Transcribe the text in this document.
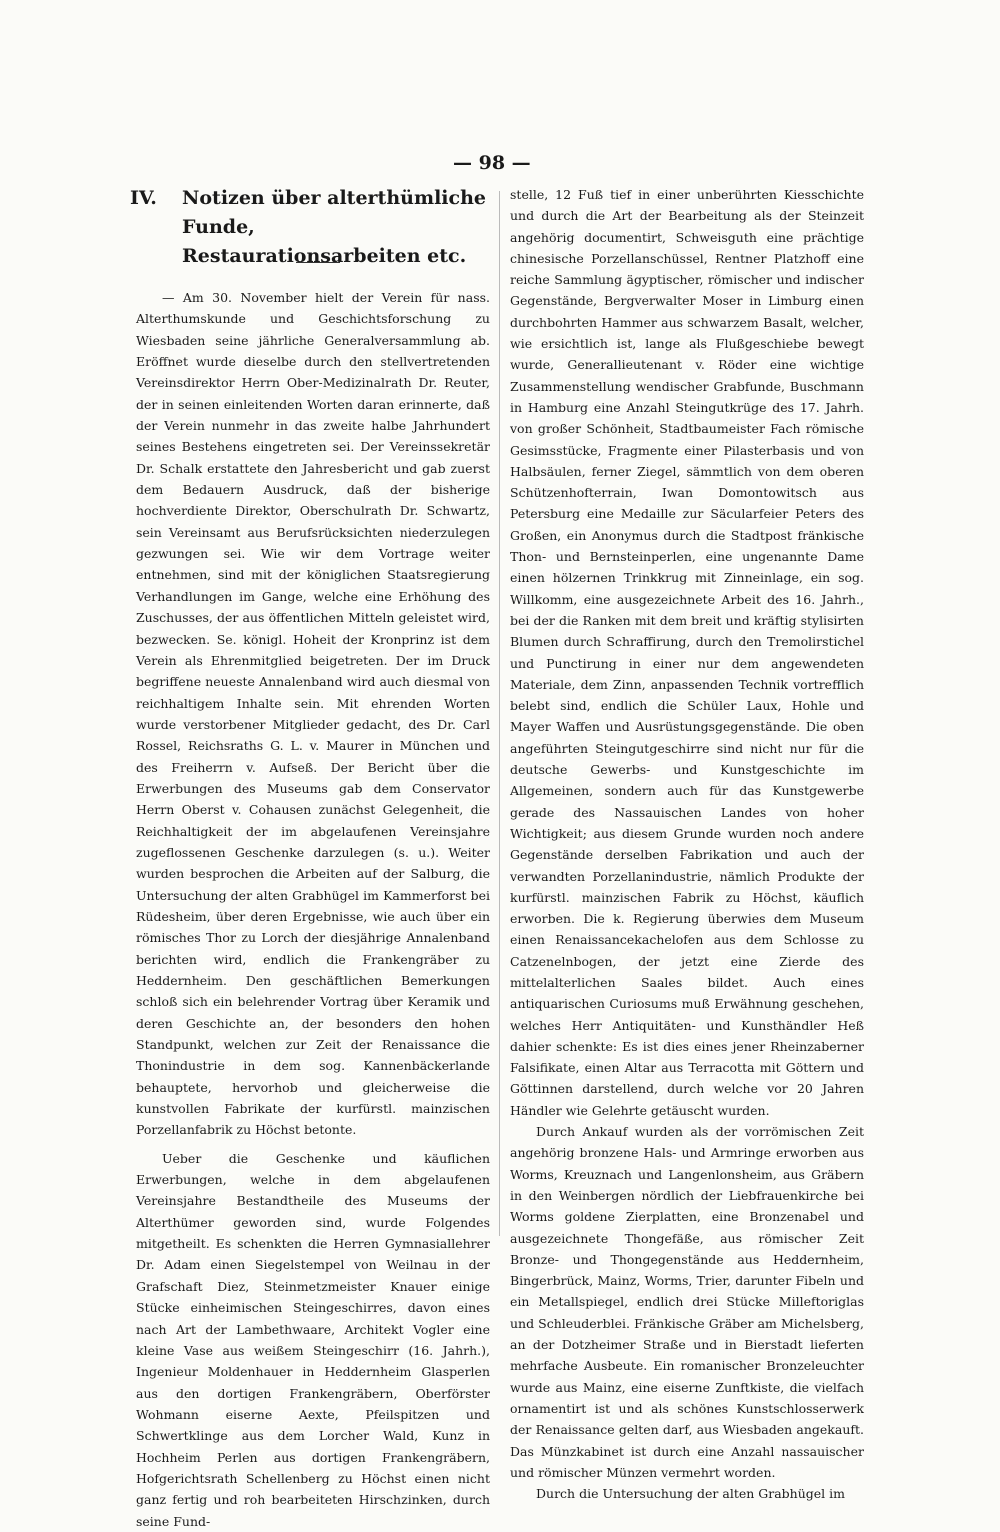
— 98 —
IV.	Notizen über alterthümliche Funde, Restaurationsarbeiten etc.

— Am 30. November hielt der Verein für nass. Alterthumskunde und Geschichtsforschung zu Wiesbaden seine jährliche Generalversammlung ab. Eröffnet wurde dieselbe durch den stellvertretenden Vereinsdirektor Herrn Ober-Medizinalrath Dr. Reuter, der in seinen einleitenden Worten daran erinnerte, daß der Verein nunmehr in das zweite halbe Jahrhundert seines Bestehens eingetreten sei. Der Vereinssekretär Dr. Schalk erstattete den Jahresbericht und gab zuerst dem Bedauern Ausdruck, daß der bisherige hochverdiente Direktor, Oberschulrath Dr. Schwartz, sein Vereinsamt aus Berufsrücksichten niederzulegen gezwungen sei. Wie wir dem Vortrage weiter entnehmen, sind mit der königlichen Staatsregierung Verhandlungen im Gange, welche eine Erhöhung des Zuschusses, der aus öffentlichen Mitteln geleistet wird, bezwecken. Se. königl. Hoheit der Kronprinz ist dem Verein als Ehrenmitglied beigetreten. Der im Druck begriffene neueste Annalenband wird auch diesmal von reichhaltigem Inhalte sein. Mit ehrenden Worten wurde verstorbener Mitglieder gedacht, des Dr. Carl Rossel, Reichsraths G. L. v. Maurer in München und des Freiherrn v. Aufseß. Der Bericht über die Erwerbungen des Museums gab dem Conservator Herrn Oberst v. Cohausen zunächst Gelegenheit, die Reichhaltigkeit der im abgelaufenen Vereinsjahre zugeflossenen Geschenke darzulegen (s. u.). Weiter wurden besprochen die Arbeiten auf der Salburg, die Untersuchung der alten Grabhügel im Kammerforst bei Rüdesheim, über deren Ergebnisse, wie auch über ein römisches Thor zu Lorch der diesjährige Annalenband berichten wird, endlich die Frankengräber zu Heddernheim. Den geschäftlichen Bemerkungen schloß sich ein belehrender Vortrag über Keramik und deren Geschichte an, der besonders den hohen Standpunkt, welchen zur Zeit der Renaissance die Thonindustrie in dem sog. Kannenbäckerlande behauptete, hervorhob und gleicherweise die kunstvollen Fabrikate der kurfürstl. mainzischen Porzellanfabrik zu Höchst betonte.

Ueber die Geschenke und käuflichen Erwerbungen, welche in dem abgelaufenen Vereinsjahre Bestandtheile des Museums der Alterthümer geworden sind, wurde Folgendes mitgetheilt. Es schenkten die Herren Gymnasiallehrer Dr. Adam einen Siegelstempel von Weilnau in der Grafschaft Diez, Steinmetzmeister Knauer einige Stücke einheimischen Steingeschirres, davon eines nach Art der Lambethwaare, Architekt Vogler eine kleine Vase aus weißem Steingeschirr (16. Jahrh.), Ingenieur Moldenhauer in Heddernheim Glasperlen aus den dortigen Frankengräbern, Oberförster Wohmann eiserne Aexte, Pfeilspitzen und Schwertklinge aus dem Lorcher Wald, Kunz in Hochheim Perlen aus dortigen Frankengräbern, Hofgerichtsrath Schellenberg zu Höchst einen nicht ganz fertig und roh bearbeiteten Hirschzinken, durch seine Fund-

stelle, 12 Fuß tief in einer unberührten Kiesschichte und durch die Art der Bearbeitung als der Steinzeit angehörig documentirt, Schweisguth eine prächtige chinesische Porzellanschüssel, Rentner Platzhoff eine reiche Sammlung ägyptischer, römischer und indischer Gegenstände, Bergverwalter Moser in Limburg einen durchbohrten Hammer aus schwarzem Basalt, welcher, wie ersichtlich ist, lange als Flußgeschiebe bewegt wurde, Generallieutenant v. Röder eine wichtige Zusammenstellung wendischer Grabfunde, Buschmann in Hamburg eine Anzahl Steingutkrüge des 17. Jahrh. von großer Schönheit, Stadtbaumeister Fach römische Gesimsstücke, Fragmente einer Pilasterbasis und von Halbsäulen, ferner Ziegel, sämmtlich von dem oberen Schützenhofterrain, Iwan Domontowitsch aus Petersburg eine Medaille zur Säcularfeier Peters des Großen, ein Anonymus durch die Stadtpost fränkische Thon- und Bernsteinperlen, eine ungenannte Dame einen hölzernen Trinkkrug mit Zinneinlage, ein sog. Willkomm, eine ausgezeichnete Arbeit des 16. Jahrh., bei der die Ranken mit dem breit und kräftig stylisirten Blumen durch Schraffirung, durch den Tremolirstichel und Punctirung in einer nur dem angewendeten Materiale, dem Zinn, anpassenden Technik vortrefflich belebt sind, endlich die Schüler Laux, Hohle und Mayer Waffen und Ausrüstungsgegenstände. Die oben angeführten Steingutgeschirre sind nicht nur für die deutsche Gewerbs- und Kunstgeschichte im Allgemeinen, sondern auch für das Kunstgewerbe gerade des Nassauischen Landes von hoher Wichtigkeit; aus diesem Grunde wurden noch andere Gegenstände derselben Fabrikation und auch der verwandten Porzellanindustrie, nämlich Produkte der kurfürstl. mainzischen Fabrik zu Höchst, käuflich erworben. Die k. Regierung überwies dem Museum einen Renaissancekachelofen aus dem Schlosse zu Catzenelnbogen, der jetzt eine Zierde des mittelalterlichen Saales bildet. Auch eines antiquarischen Curiosums muß Erwähnung geschehen, welches Herr Antiquitäten- und Kunsthändler Heß dahier schenkte: Es ist dies eines jener Rheinzaberner Falsifikate, einen Altar aus Terracotta mit Göttern und Göttinnen darstellend, durch welche vor 20 Jahren Händler wie Gelehrte getäuscht wurden.

Durch Ankauf wurden als der vorrömischen Zeit angehörig bronzene Hals- und Armringe erworben aus Worms, Kreuznach und Langenlonsheim, aus Gräbern in den Weinbergen nördlich der Liebfrauenkirche bei Worms goldene Zierplatten, eine Bronzenabel und ausgezeichnete Thongefäße, aus römischer Zeit Bronze- und Thongegenstände aus Heddernheim, Bingerbrück, Mainz, Worms, Trier, darunter Fibeln und ein Metallspiegel, endlich drei Stücke Milleftoriglas und Schleuderblei. Fränkische Gräber am Michelsberg, an der Dotzheimer Straße und in Bierstadt lieferten mehrfache Ausbeute. Ein romanischer Bronzeleuchter wurde aus Mainz, eine eiserne Zunftkiste, die vielfach ornamentirt ist und als schönes Kunstschlosserwerk der Renaissance gelten darf, aus Wiesbaden angekauft. Das Münzkabinet ist durch eine Anzahl nassauischer und römischer Münzen vermehrt worden.

Durch die Untersuchung der alten Grabhügel im
